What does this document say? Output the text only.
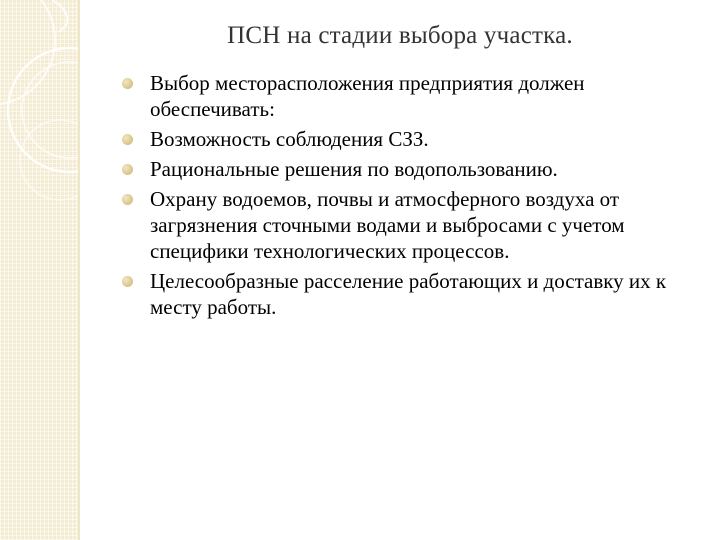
ПСН на стадии выбора участка.
Выбор месторасположения предприятия должен обеспечивать:
Возможность соблюдения СЗЗ.
Рациональные решения по водопользованию.
Охрану водоемов, почвы и атмосферного воздуха от загрязнения сточными водами и выбросами с учетом специфики технологических процессов.
Целесообразные расселение работающих и доставку их к месту работы.
